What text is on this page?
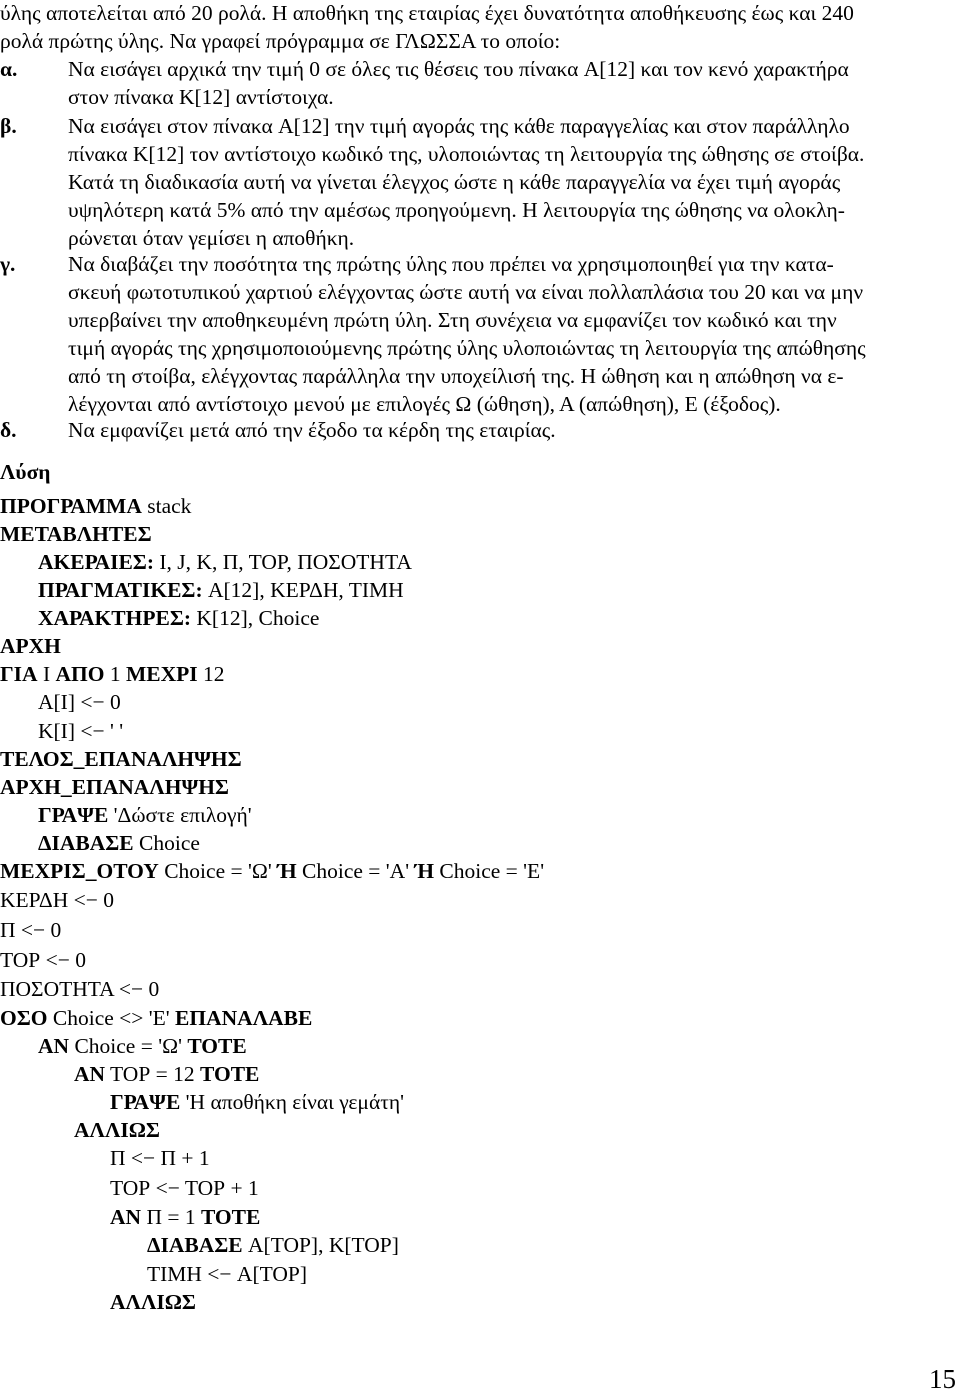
ύλης αποτελείται από 20 ρολά. Η αποθήκη της εταιρίας έχει δυνατότητα αποθήκευσης έως και 240
ρολά πρώτης ύλης. Να γραφεί πρόγραμμα σε ΓΛΩΣΣΑ το οποίο:
α. Να εισάγει αρχικά την τιμή 0 σε όλες τις θέσεις του πίνακα A[12] και τον κενό χαρακτήρα
στον πίνακα K[12] αντίστοιχα.
β. Να εισάγει στον πίνακα A[12] την τιμή αγοράς της κάθε παραγγελίας και στον παράλληλο
πίνακα K[12] τον αντίστοιχο κωδικό της, υλοποιώντας τη λειτουργία της ώθησης σε στοίβα.
Κατά τη διαδικασία αυτή να γίνεται έλεγχος ώστε η κάθε παραγγελία να έχει τιμή αγοράς
υψηλότερη κατά 5% από την αμέσως προηγούμενη. Η λειτουργία της ώθησης να ολοκλη-
ρώνεται όταν γεμίσει η αποθήκη.
γ. Να διαβάζει την ποσότητα της πρώτης ύλης που πρέπει να χρησιμοποιηθεί για την κατα-
σκευή φωτοτυπικού χαρτιού ελέγχοντας ώστε αυτή να είναι πολλαπλάσια του 20 και να μην
υπερβαίνει την αποθηκευμένη πρώτη ύλη. Στη συνέχεια να εμφανίζει τον κωδικό και την
τιμή αγοράς της χρησιμοποιούμενης πρώτης ύλης υλοποιώντας τη λειτουργία της απώθησης
από τη στοίβα, ελέγχοντας παράλληλα την υποχείλισή της. Η ώθηση και η απώθηση να ε-
λέγχονται από αντίστοιχο μενού με επιλογές Ω (ώθηση), Α (απώθηση), Ε (έξοδος).
δ. Να εμφανίζει μετά από την έξοδο τα κέρδη της εταιρίας.
Λύση
ΠΡΟΓΡΑΜΜΑ stack
ΜΕΤΑΒΛΗΤΕΣ
ΑΚΕΡΑΙΕΣ: I, J, K, Π, ΤΟΡ, ΠΟΣΟΤΗΤΑ
ΠΡΑΓΜΑΤΙΚΕΣ: A[12], ΚΕΡΔΗ, ΤΙΜΗ
ΧΑΡΑΚΤΗΡΕΣ: K[12], Choice
ΑΡΧΗ
ΓΙΑ I ΑΠΟ 1 ΜΕΧΡΙ 12
A[I] <− 0
K[I] <− ' '
ΤΕΛΟΣ_ΕΠΑΝΑΛΗΨΗΣ
ΑΡΧΗ_ΕΠΑΝΑΛΗΨΗΣ
ΓΡΑΨΕ 'Δώστε επιλογή'
ΔΙΑΒΑΣΕ Choice
ΜΕΧΡΙΣ_ΟΤΟΥ Choice = 'Ω' Ή Choice = 'Α' Ή Choice = 'Ε'
ΚΕΡΔΗ <− 0
Π <− 0
ΤΟΡ <− 0
ΠΟΣΟΤΗΤΑ <− 0
ΟΣΟ Choice <> 'Ε' ΕΠΑΝΑΛΑΒΕ
ΑΝ Choice = 'Ω' ΤΟΤΕ
ΑΝ ΤΟΡ = 12 ΤΟΤΕ
ΓΡΑΨΕ 'Η αποθήκη είναι γεμάτη'
ΑΛΛΙΩΣ
Π <− Π + 1
ΤΟΡ <− ΤΟΡ + 1
ΑΝ Π = 1 ΤΟΤΕ
ΔΙΑΒΑΣΕ A[ΤΟΡ], K[ΤΟΡ]
ΤΙΜΗ <− A[ΤΟΡ]
ΑΛΛΙΩΣ
15
